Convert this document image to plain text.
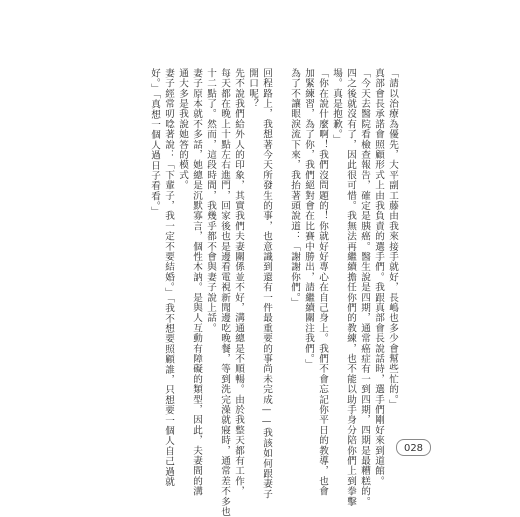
「請以治療為優先，大平副工藤由我來接手就好，長嶋也多少會幫些忙的。」
真部會長承諾會照顧形式上由我負責的選手們。我跟真部會長說話時，選手們剛好來到道館。
「今天去醫院看檢查報告，確定是胰癌。醫生說是四期，通常癌症有一到四期，四期是最糟糕的。
四之後就沒有了，因此很可惜。我無法再繼續擔任你們的教練，也不能以助手身分陪你們上到拳擊
場。真是抱歉。」
「你在說什麼啊！我們沒問題的！你就好好專心在自己身上。我們不會忘記你平日的教導，也會
加緊練習，為了你，我們絕對會在比賽中勝出，請繼續關注我們。」
為了不讓眼淚流下來，我抬著頭說道：「謝謝你們。」
回程路上，我想著今天所發生的事，也意識到還有一件最重要的事尚未完成——我該如何跟妻子
開口呢？
先不說我們給外人的印象，其實我們夫妻關係並不好，溝通總是不順暢。由於我整天都有工作，
每天都在晚上十點左右進門，回家後也是邊看電視新聞邊吃晚餐，等到洗完澡就寢時，通常差不多也
十二點了。然而，這段時間，我幾乎都不會與妻子說上話。
妻子原本就不多話，她總是沉默寡言，個性木訥。是與人互動有障礙的類型，因此，夫妻間的溝
通大多是我說她答的模式。
妻子經常叨唸著說：「下輩子，我一定不要結婚。」「我不想要照顧誰，只想要一個人自己過就
好。」「真想一個人過日子看看。」
028
